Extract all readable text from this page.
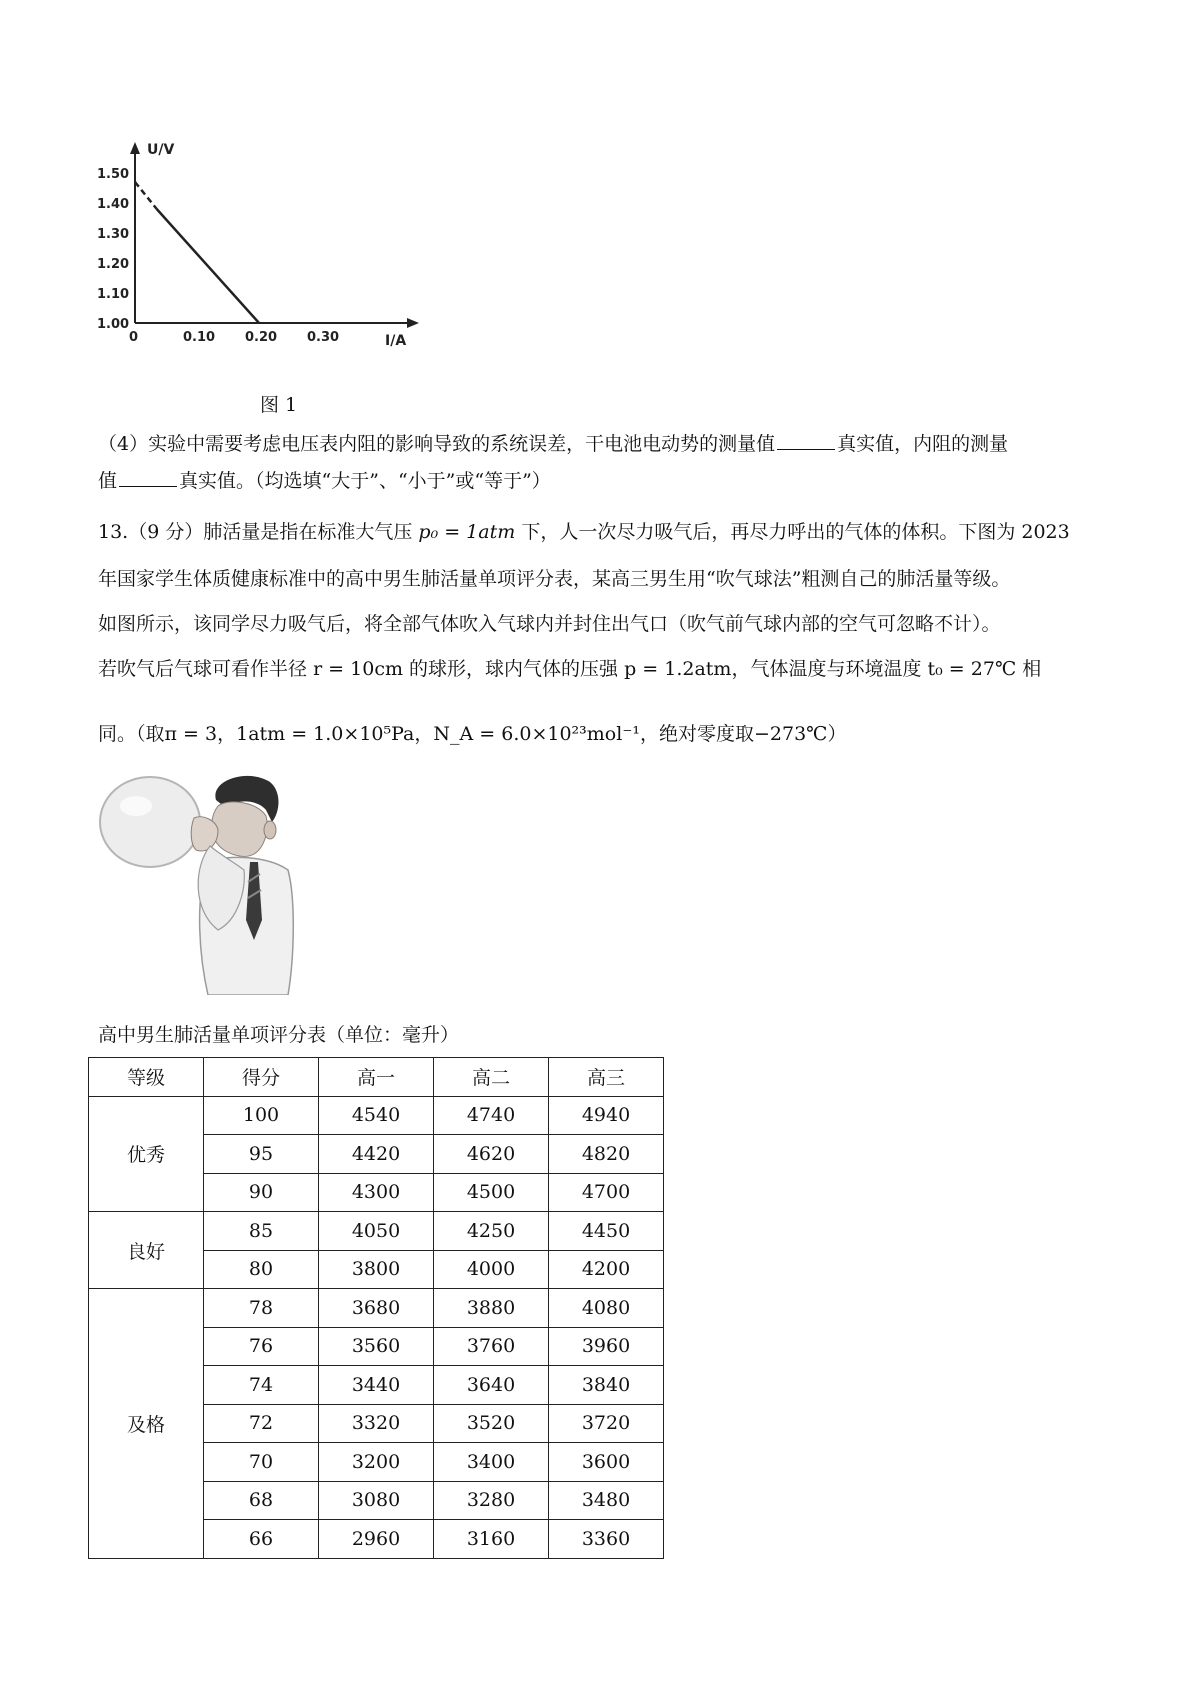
U/V
I/A
1.00
1.10
1.20
1.30
1.40
1.50
0	0.10 0.20 0.30
图 1
（4）实验中需要考虑电压表内阻的影响导致的系统误差，干电池电动势的测量值	真实值，内阻的测量
值	真实值。（均选填“大于”、“小于”或“等于”）
13.（9 分）肺活量是指在标准大气压 p₀ = 1atm 下，人一次尽力吸气后，再尽力呼出的气体的体积。下图为 2023
年国家学生体质健康标准中的高中男生肺活量单项评分表，某高三男生用“吹气球法”粗测自己的肺活量等级。
如图所示，该同学尽力吸气后，将全部气体吹入气球内并封住出气口（吹气前气球内部的空气可忽略不计）。
若吹气后气球可看作半径 r = 10cm 的球形，球内气体的压强 p = 1.2atm，气体温度与环境温度 t₀ = 27℃ 相
同。（取π = 3，1atm = 1.0×10⁵Pa，N_A = 6.0×10²³mol⁻¹，绝对零度取−273℃）
高中男生肺活量单项评分表（单位：毫升）
等级	得分	高一	高二	高三
优秀	100	4540	4740	4940
	95	4420	4620	4820
	90	4300	4500	4700
良好	85	4050	4250	4450
	80	3800	4000	4200
及格	78	3680	3880	4080
	76	3560	3760	3960
	74	3440	3640	3840
	72	3320	3520	3720
	70	3200	3400	3600
	68	3080	3280	3480
	66	2960	3160	3360
